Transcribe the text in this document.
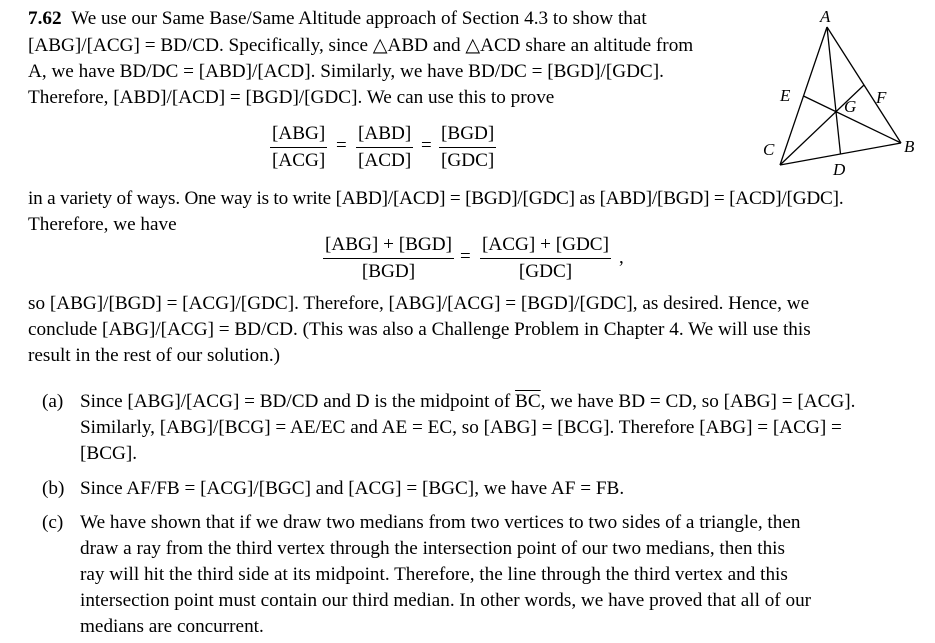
7.62 We use our Same Base/Same Altitude approach of Section 4.3 to show that
[ABG]/[ACG] = BD/CD. Specifically, since △ABD and △ACD share an altitude from
A, we have BD/DC = [ABD]/[ACD]. Similarly, we have BD/DC = [BGD]/[GDC].
Therefore, [ABD]/[ACD] = [BGD]/[GDC]. We can use this to prove
[ABG]
[ACG]
=
[ABD]
[ACD]
=
[BGD]
[GDC]
in a variety of ways. One way is to write [ABD]/[ACD] = [BGD]/[GDC] as [ABD]/[BGD] = [ACD]/[GDC].
Therefore, we have
[ABG] + [BGD]
[BGD]
=
[ACG] + [GDC]
[GDC]
,
so [ABG]/[BGD] = [ACG]/[GDC]. Therefore, [ABG]/[ACG] = [BGD]/[GDC], as desired. Hence, we
conclude [ABG]/[ACG] = BD/CD. (This was also a Challenge Problem in Chapter 4. We will use this
result in the rest of our solution.)
(a) Since [ABG]/[ACG] = BD/CD and D is the midpoint of $\overline{BC}$, we have BD = CD, so [ABG] = [ACG].
Similarly, [ABG]/[BCG] = AE/EC and AE = EC, so [ABG] = [BCG]. Therefore [ABG] = [ACG] =
[BCG].
(b) Since AF/FB = [ACG]/[BGC] and [ACG] = [BGC], we have AF = FB.
(c) We have shown that if we draw two medians from two vertices to two sides of a triangle, then
draw a ray from the third vertex through the intersection point of our two medians, then this
ray will hit the third side at its midpoint. Therefore, the line through the third vertex and this
intersection point must contain our third median. In other words, we have proved that all of our
medians are concurrent.
A
B
C
D
E	F
G
